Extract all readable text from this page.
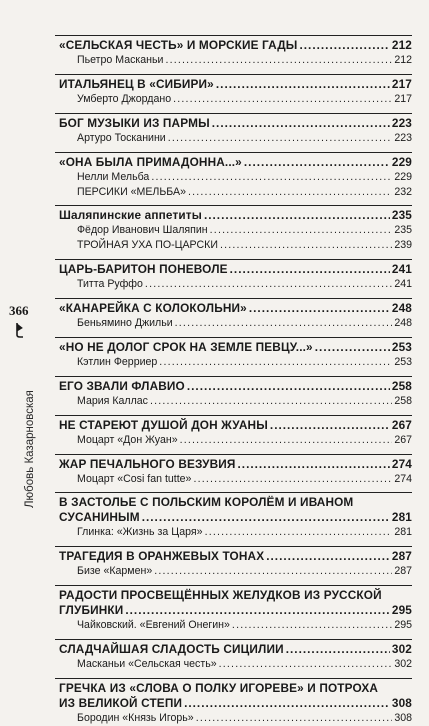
366
Любовь Казарновская
«СЕЛЬСКАЯ ЧЕСТЬ» И МОРСКИЕ ГАДЫ .....	212
Пьетро Масканьи .....	212
ИТАЛЬЯНЕЦ В «СИБИРИ» .....	217
Умберто Джордано .....	217
БОГ МУЗЫКИ ИЗ ПАРМЫ .....	223
Артуро Тосканини .....	223
«ОНА БЫЛА ПРИМАДОННА...» .....	229
Нелли Мельба .....	229
ПЕРСИКИ «МЕЛЬБА» .....	232
Шаляпинские аппетиты .....	235
Фёдор Иванович Шаляпин .....	235
ТРОЙНАЯ УХА ПО-ЦАРСКИ .....	239
ЦАРЬ-БАРИТОН ПОНЕВОЛЕ .....	241
Титта Руффо .....	241
«КАНАРЕЙКА С КОЛОКОЛЬНИ» .....	248
Беньямино Джильи .....	248
«НО НЕ ДОЛОГ СРОК НА ЗЕМЛЕ ПЕВЦУ...» .....	253
Кэтлин Ферриер .....	253
ЕГО ЗВАЛИ ФЛАВИО .....	258
Мария Каллас .....	258
НЕ СТАРЕЮТ ДУШОЙ ДОН ЖУАНЫ .....	267
Моцарт «Дон Жуан» .....	267
ЖАР ПЕЧАЛЬНОГО ВЕЗУВИЯ .....	274
Моцарт «Cosi fan tutte» .....	274
В ЗАСТОЛЬЕ С ПОЛЬСКИМ КОРОЛЁМ И ИВАНОМ
СУСАНИНЫМ .....	281
Глинка: «Жизнь за Царя» .....	281
ТРАГЕДИЯ В ОРАНЖЕВЫХ ТОНАХ .....	287
Бизе «Кармен» .....	287
РАДОСТИ ПРОСВЕЩЁННЫХ ЖЕЛУДКОВ ИЗ РУССКОЙ
ГЛУБИНКИ .....	295
Чайковский. «Евгений Онегин» .....	295
СЛАДЧАЙШАЯ СЛАДОСТЬ СИЦИЛИИ .....	302
Масканьи «Сельская честь» .....	302
ГРЕЧКА ИЗ «СЛОВА О ПОЛКУ ИГОРЕВЕ» И ПОТРОХА
ИЗ ВЕЛИКОЙ СТЕПИ .....	308
Бородин «Князь Игорь» .....	308
